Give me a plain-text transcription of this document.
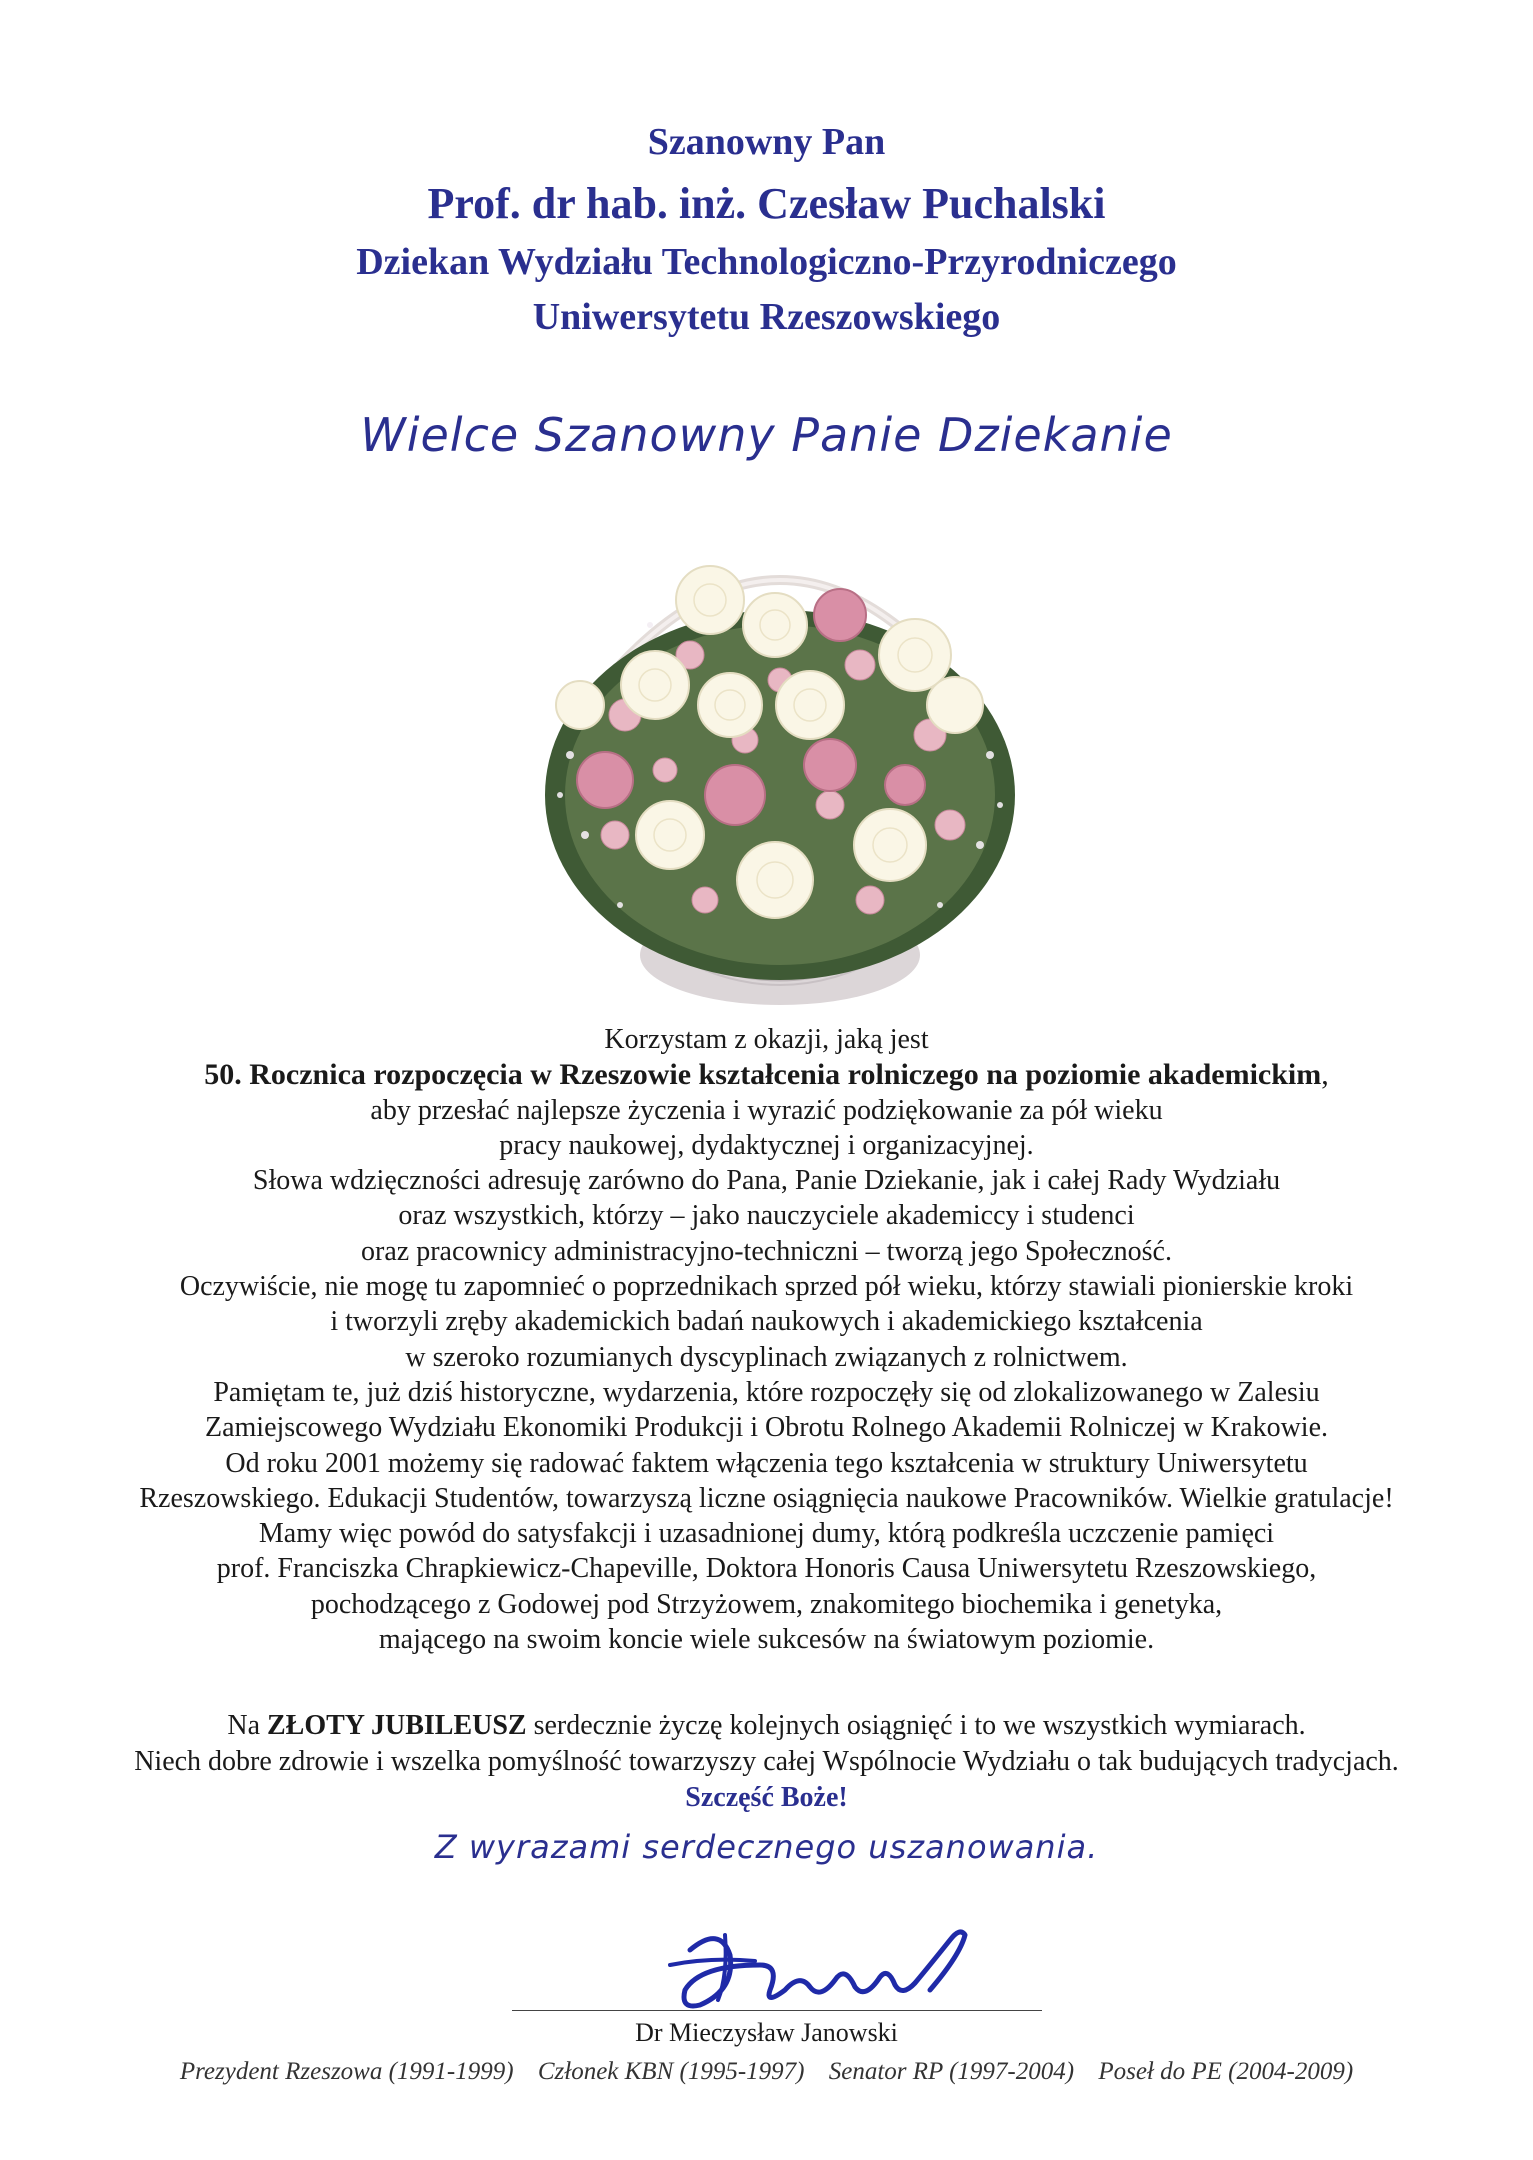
Szanowny Pan
Prof. dr hab. inż. Czesław Puchalski
Dziekan Wydziału Technologiczno-Przyrodniczego
Uniwersytetu Rzeszowskiego
Wielce Szanowny Panie Dziekanie
Korzystam z okazji, jaką jest
50. Rocznica rozpoczęcia w Rzeszowie kształcenia rolniczego na poziomie akademickim,
aby przesłać najlepsze życzenia i wyrazić podziękowanie za pół wieku
pracy naukowej, dydaktycznej i organizacyjnej.
Słowa wdzięczności adresuję zarówno do Pana, Panie Dziekanie, jak i całej Rady Wydziału
oraz wszystkich, którzy – jako nauczyciele akademiccy i studenci
oraz pracownicy administracyjno-techniczni – tworzą jego Społeczność.
Oczywiście, nie mogę tu zapomnieć o poprzednikach sprzed pół wieku, którzy stawiali pionierskie kroki
i tworzyli zręby akademickich badań naukowych i akademickiego kształcenia
w szeroko rozumianych dyscyplinach związanych z rolnictwem.
Pamiętam te, już dziś historyczne, wydarzenia, które rozpoczęły się od zlokalizowanego w Zalesiu
Zamiejscowego Wydziału Ekonomiki Produkcji i Obrotu Rolnego Akademii Rolniczej w Krakowie.
Od roku 2001 możemy się radować faktem włączenia tego kształcenia w struktury Uniwersytetu
Rzeszowskiego. Edukacji Studentów, towarzyszą liczne osiągnięcia naukowe Pracowników. Wielkie gratulacje!
Mamy więc powód do satysfakcji i uzasadnionej dumy, którą podkreśla uczczenie pamięci
prof. Franciszka Chrapkiewicz-Chapeville, Doktora Honoris Causa Uniwersytetu Rzeszowskiego,
pochodzącego z Godowej pod Strzyżowem, znakomitego biochemika i genetyka,
mającego na swoim koncie wiele sukcesów na światowym poziomie.
Na ZŁOTY JUBILEUSZ serdecznie życzę kolejnych osiągnięć i to we wszystkich wymiarach.
Niech dobre zdrowie i wszelka pomyślność towarzyszy całej Wspólnocie Wydziału o tak budujących tradycjach.
Szczęść Boże!
Z wyrazami serdecznego uszanowania.
Dr Mieczysław Janowski
Prezydent Rzeszowa (1991-1999) Członek KBN (1995-1997) Senator RP (1997-2004) Poseł do PE (2004-2009)
